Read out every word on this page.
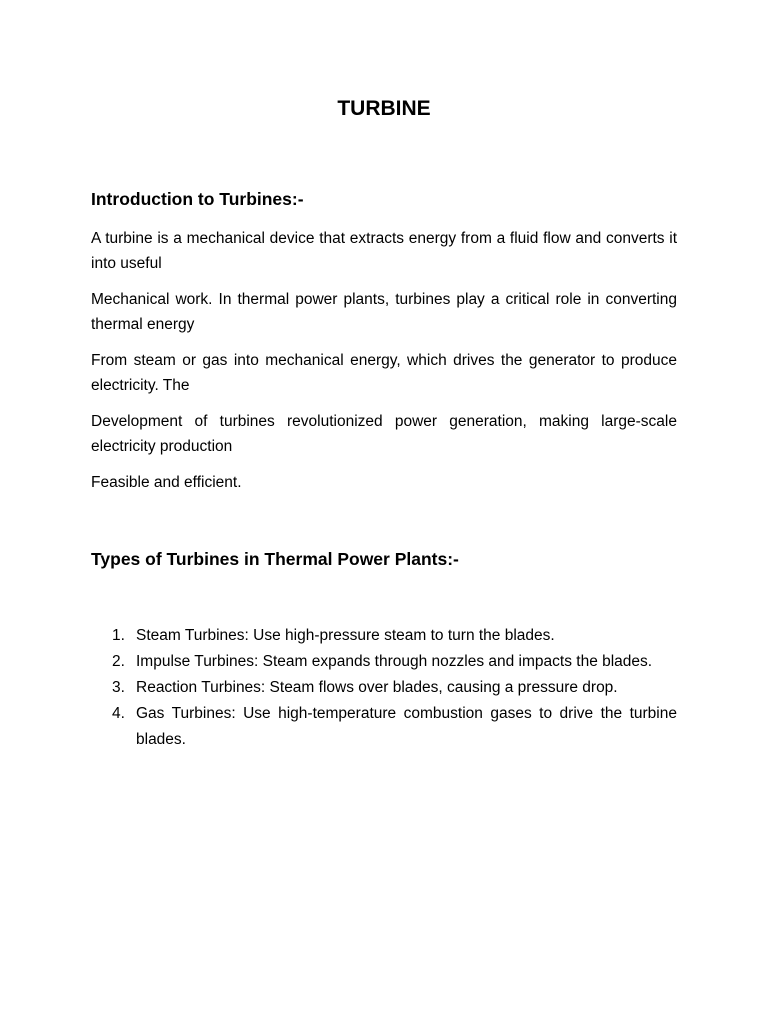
TURBINE
Introduction to Turbines:-

A turbine is a mechanical device that extracts energy from a fluid flow and converts it into useful

Mechanical work. In thermal power plants, turbines play a critical role in converting thermal energy

From steam or gas into mechanical energy, which drives the generator to produce electricity. The

Development of turbines revolutionized power generation, making large-scale electricity production

Feasible and efficient.

Types of Turbines in Thermal Power Plants:-
1. Steam Turbines: Use high-pressure steam to turn the blades.
2. Impulse Turbines: Steam expands through nozzles and impacts the blades.
3. Reaction Turbines: Steam flows over blades, causing a pressure drop.
4. Gas Turbines: Use high-temperature combustion gases to drive the turbine blades.
